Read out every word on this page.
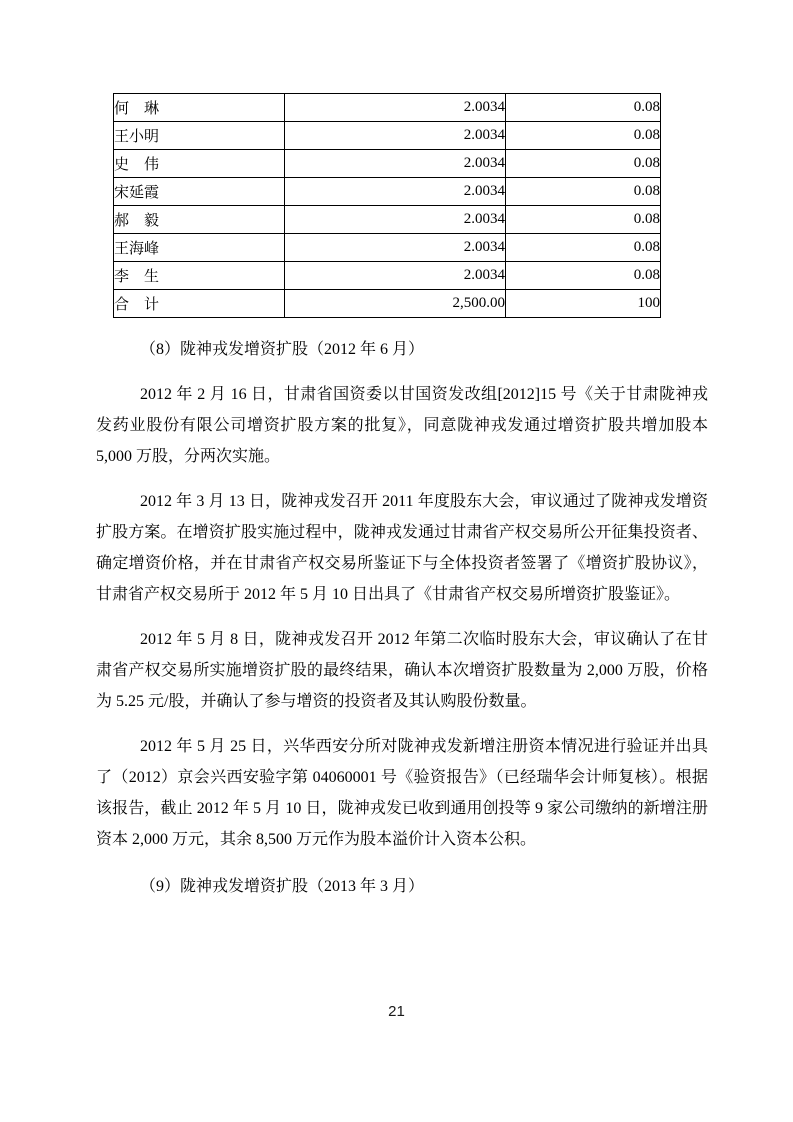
何　琳	2.0034	0.08
王小明	2.0034	0.08
史　伟	2.0034	0.08
宋延霞	2.0034	0.08
郝　毅	2.0034	0.08
王海峰	2.0034	0.08
李　生	2.0034	0.08
合　计	2,500.00	100

（8）陇神戎发增资扩股（2012 年 6 月）

2012 年 2 月 16 日，甘肃省国资委以甘国资发改组[2012]15 号《关于甘肃陇神戎发药业股份有限公司增资扩股方案的批复》，同意陇神戎发通过增资扩股共增加股本 5,000 万股，分两次实施。

2012 年 3 月 13 日，陇神戎发召开 2011 年度股东大会，审议通过了陇神戎发增资扩股方案。在增资扩股实施过程中，陇神戎发通过甘肃省产权交易所公开征集投资者、确定增资价格，并在甘肃省产权交易所鉴证下与全体投资者签署了《增资扩股协议》，甘肃省产权交易所于 2012 年 5 月 10 日出具了《甘肃省产权交易所增资扩股鉴证》。

2012 年 5 月 8 日，陇神戎发召开 2012 年第二次临时股东大会，审议确认了在甘肃省产权交易所实施增资扩股的最终结果，确认本次增资扩股数量为 2,000 万股，价格为 5.25 元/股，并确认了参与增资的投资者及其认购股份数量。

2012 年 5 月 25 日，兴华西安分所对陇神戎发新增注册资本情况进行验证并出具了（2012）京会兴西安验字第 04060001 号《验资报告》（已经瑞华会计师复核）。根据该报告，截止 2012 年 5 月 10 日，陇神戎发已收到通用创投等 9 家公司缴纳的新增注册资本 2,000 万元，其余 8,500 万元作为股本溢价计入资本公积。

（9）陇神戎发增资扩股（2013 年 3 月）

21
